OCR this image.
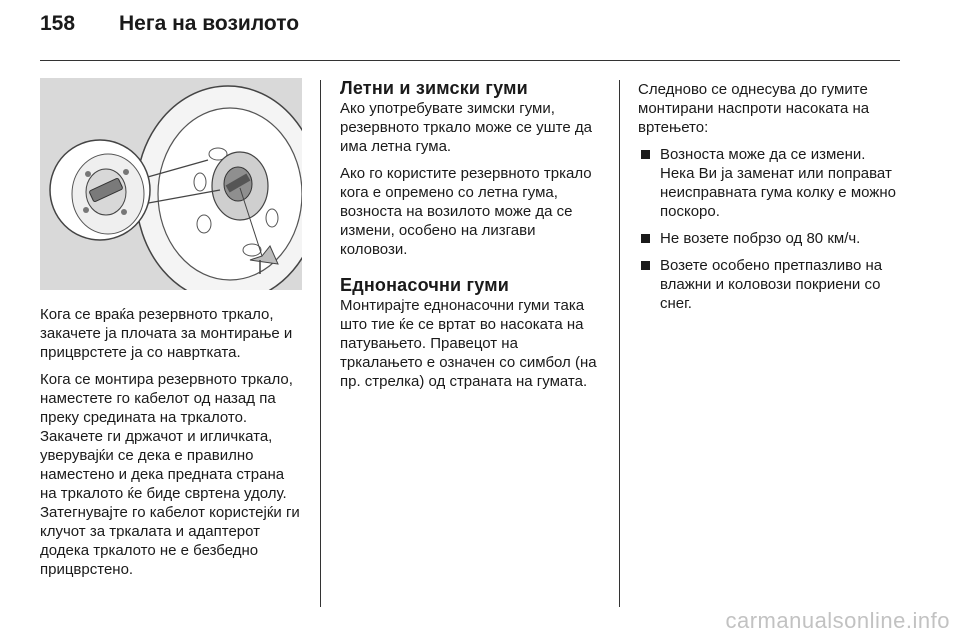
158 Нега на возилото

Кога се враќа резервното тркало, закачете ја плочата за монтирање и прицврстете ја со навртката.

Кога се монтира резервното тркало, наместете го кабелот од назад па преку средината на тркалото. Закачете ги држачот и игличката, уверувајќи се дека е правилно наместено и дека предната страна на тркалото ќе биде свртена удолу. Затегнувајте го кабелот користејќи ги клучот за тркалата и адаптерот додека тркалото не е безбедно прицврстено.

Летни и зимски гуми

Ако употребувате зимски гуми, резервното тркало може се уште да има летна гума.

Ако го користите резервното тркало кога е опремено со летна гума, возноста на возилото може да се измени, особено на лизгави коловози.

Еднонасочни гуми

Монтирајте еднонасочни гуми така што тие ќе се вртат во насоката на патувањето. Правецот на тркалањето е означен со симбол (на пр. стрелка) од страната на гумата.

Следново се однесува до гумите монтирани наспроти насоката на вртењето:

Возноста може да се измени. Нека Ви ја заменат или поправат неисправната гума колку е можно поскоро.
Не возете побрзо од 80 км/ч.
Возете особено претпазливо на влажни и коловози покриени со снег.
carmanualsonline.info
